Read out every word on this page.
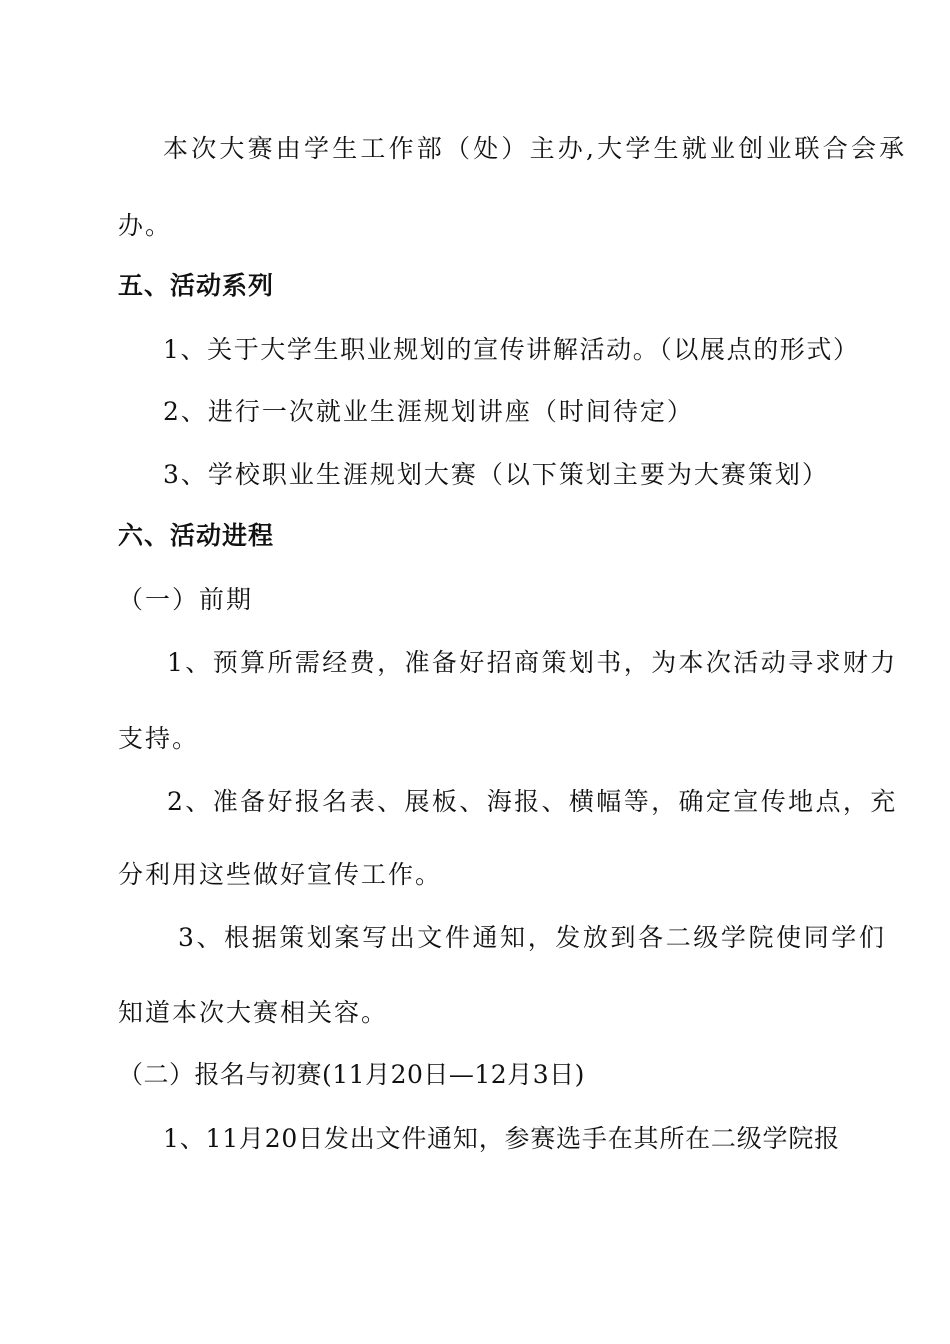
本次大赛由学生工作部（处）主办,大学生就业创业联合会承
办。
五、活动系列
1、关于大学生职业规划的宣传讲解活动。（以展点的形式）
2、进行一次就业生涯规划讲座（时间待定）
3、学校职业生涯规划大赛（以下策划主要为大赛策划）
六、活动进程
（一）前期
1、预算所需经费，准备好招商策划书，为本次活动寻求财力
支持。
2、准备好报名表、展板、海报、横幅等，确定宣传地点，充
分利用这些做好宣传工作。
3、根据策划案写出文件通知，发放到各二级学院使同学们
知道本次大赛相关容。
（二）报名与初赛(11月20日—12月3日)
1、11月20日发出文件通知，参赛选手在其所在二级学院报
